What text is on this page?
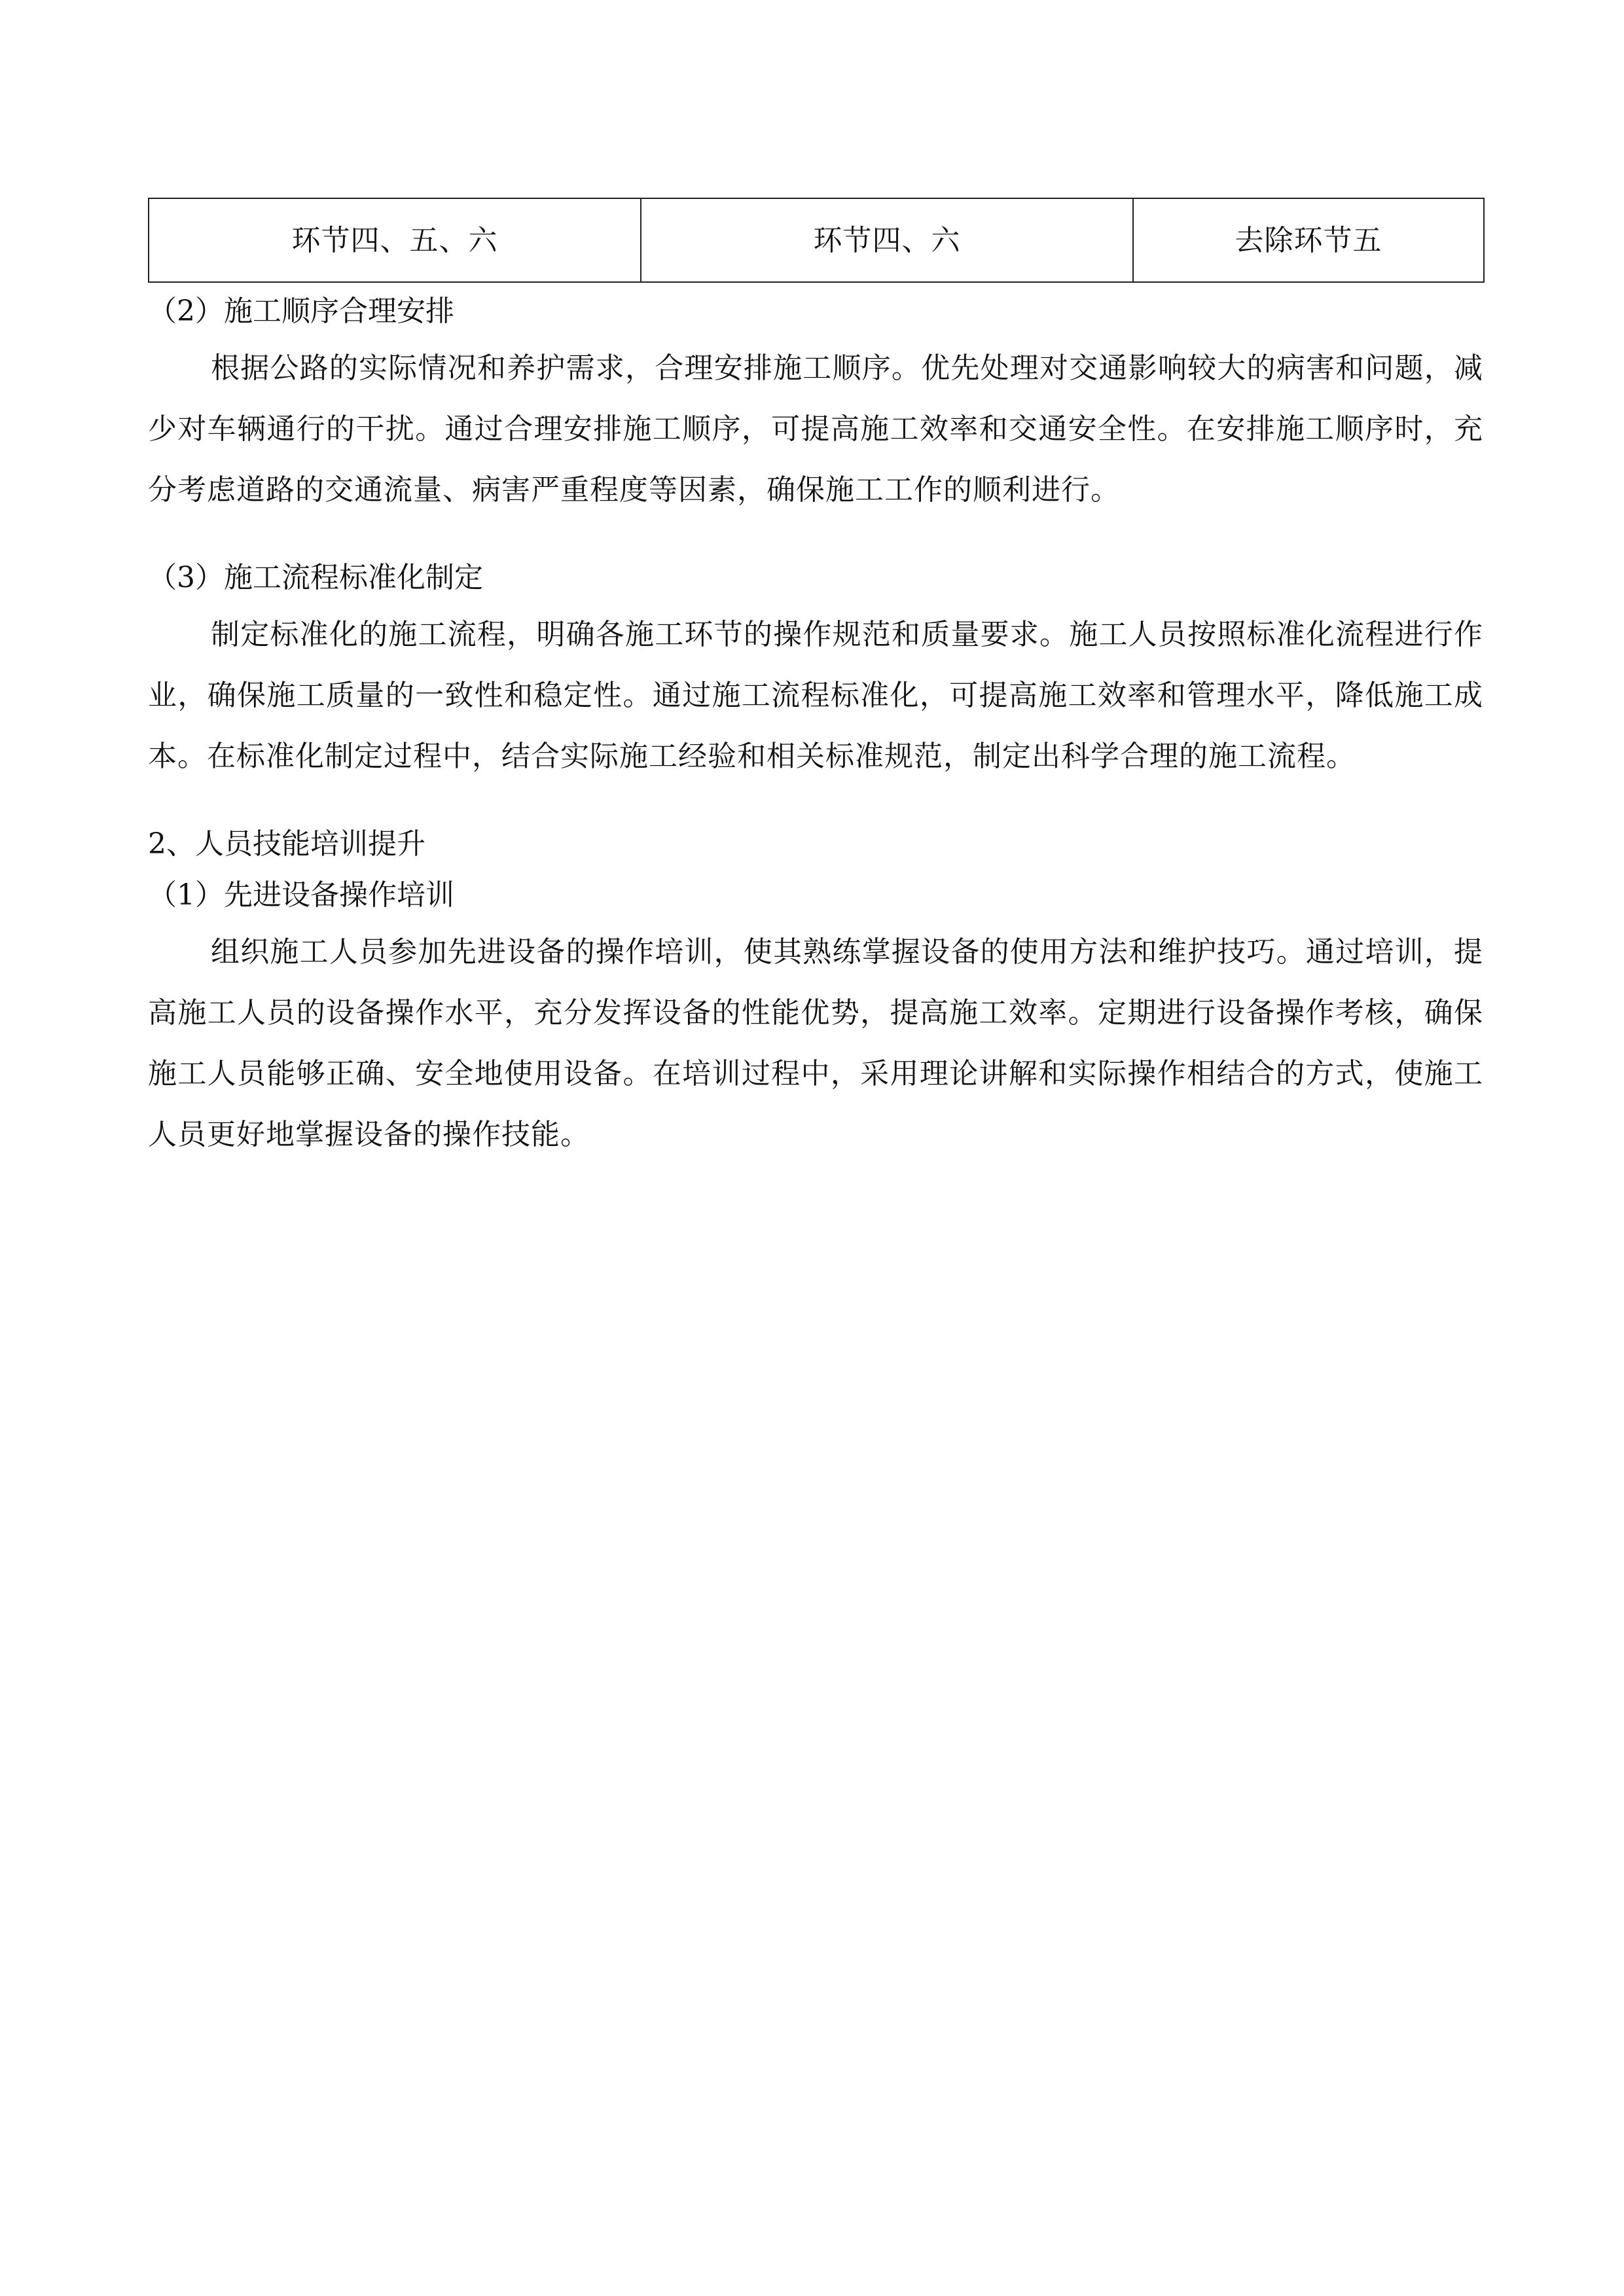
环节四、五、六	环节四、六	去除环节五

（2）施工顺序合理安排

根据公路的实际情况和养护需求，合理安排施工顺序。优先处理对交通影响较大的病害和问题，减少对车辆通行的干扰。通过合理安排施工顺序，可提高施工效率和交通安全性。在安排施工顺序时，充分考虑道路的交通流量、病害严重程度等因素，确保施工工作的顺利进行。

（3）施工流程标准化制定

制定标准化的施工流程，明确各施工环节的操作规范和质量要求。施工人员按照标准化流程进行作业，确保施工质量的一致性和稳定性。通过施工流程标准化，可提高施工效率和管理水平，降低施工成本。在标准化制定过程中，结合实际施工经验和相关标准规范，制定出科学合理的施工流程。

2、人员技能培训提升

（1）先进设备操作培训

组织施工人员参加先进设备的操作培训，使其熟练掌握设备的使用方法和维护技巧。通过培训，提高施工人员的设备操作水平，充分发挥设备的性能优势，提高施工效率。定期进行设备操作考核，确保施工人员能够正确、安全地使用设备。在培训过程中，采用理论讲解和实际操作相结合的方式，使施工人员更好地掌握设备的操作技能。
